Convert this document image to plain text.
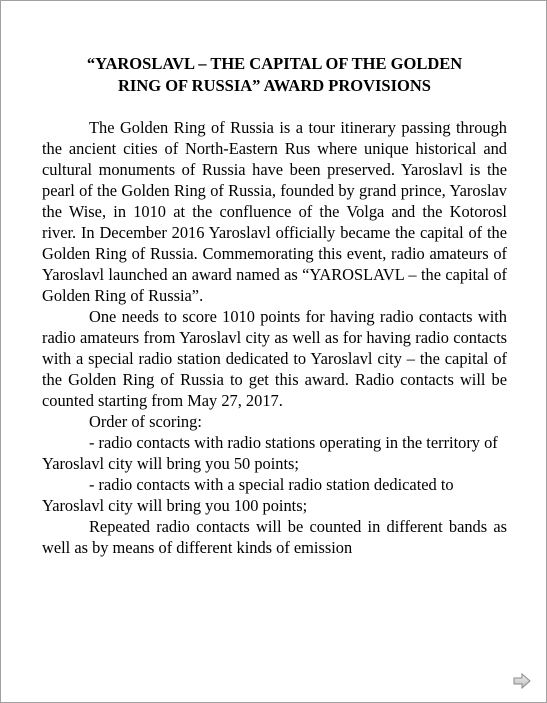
“YAROSLAVL – THE CAPITAL OF THE GOLDEN
RING OF RUSSIA” AWARD PROVISIONS

The Golden Ring of Russia is a tour itinerary passing through the ancient cities of North-Eastern Rus where unique historical and cultural monuments of Russia have been preserved. Yaroslavl is the pearl of the Golden Ring of Russia, founded by grand prince, Yaroslav the Wise, in 1010 at the confluence of the Volga and the Kotorosl river. In December 2016 Yaroslavl officially became the capital of the Golden Ring of Russia. Commemorating this event, radio amateurs of Yaroslavl launched an award named as “YAROSLAVL – the capital of Golden Ring of Russia”.

One needs to score 1010 points for having radio contacts with radio amateurs from Yaroslavl city as well as for having radio contacts with a special radio station dedicated to Yaroslavl city – the capital of the Golden Ring of Russia to get this award. Radio contacts will be counted starting from May 27, 2017.

Order of scoring:

- radio contacts with radio stations operating in the territory of Yaroslavl city will bring you 50 points;

- radio contacts with a special radio station dedicated to Yaroslavl city will bring you 100 points;

Repeated radio contacts will be counted in different bands as well as by means of different kinds of emission
